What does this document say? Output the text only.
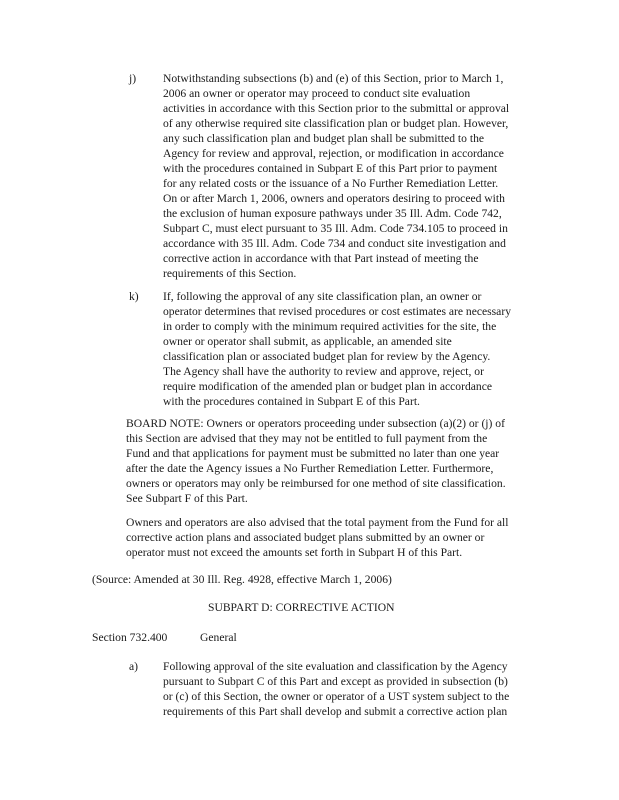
j) Notwithstanding subsections (b) and (e) of this Section, prior to March 1,
2006 an owner or operator may proceed to conduct site evaluation
activities in accordance with this Section prior to the submittal or approval
of any otherwise required site classification plan or budget plan. However,
any such classification plan and budget plan shall be submitted to the
Agency for review and approval, rejection, or modification in accordance
with the procedures contained in Subpart E of this Part prior to payment
for any related costs or the issuance of a No Further Remediation Letter.
On or after March 1, 2006, owners and operators desiring to proceed with
the exclusion of human exposure pathways under 35 Ill. Adm. Code 742,
Subpart C, must elect pursuant to 35 Ill. Adm. Code 734.105 to proceed in
accordance with 35 Ill. Adm. Code 734 and conduct site investigation and
corrective action in accordance with that Part instead of meeting the
requirements of this Section.
k) If, following the approval of any site classification plan, an owner or
operator determines that revised procedures or cost estimates are necessary
in order to comply with the minimum required activities for the site, the
owner or operator shall submit, as applicable, an amended site
classification plan or associated budget plan for review by the Agency.
The Agency shall have the authority to review and approve, reject, or
require modification of the amended plan or budget plan in accordance
with the procedures contained in Subpart E of this Part.
BOARD NOTE: Owners or operators proceeding under subsection (a)(2) or (j) of
this Section are advised that they may not be entitled to full payment from the
Fund and that applications for payment must be submitted no later than one year
after the date the Agency issues a No Further Remediation Letter. Furthermore,
owners or operators may only be reimbursed for one method of site classification.
See Subpart F of this Part.
Owners and operators are also advised that the total payment from the Fund for all
corrective action plans and associated budget plans submitted by an owner or
operator must not exceed the amounts set forth in Subpart H of this Part.
(Source: Amended at 30 Ill. Reg. 4928, effective March 1, 2006)
SUBPART D: CORRECTIVE ACTION
Section 732.400	General
a) Following approval of the site evaluation and classification by the Agency
pursuant to Subpart C of this Part and except as provided in subsection (b)
or (c) of this Section, the owner or operator of a UST system subject to the
requirements of this Part shall develop and submit a corrective action plan
